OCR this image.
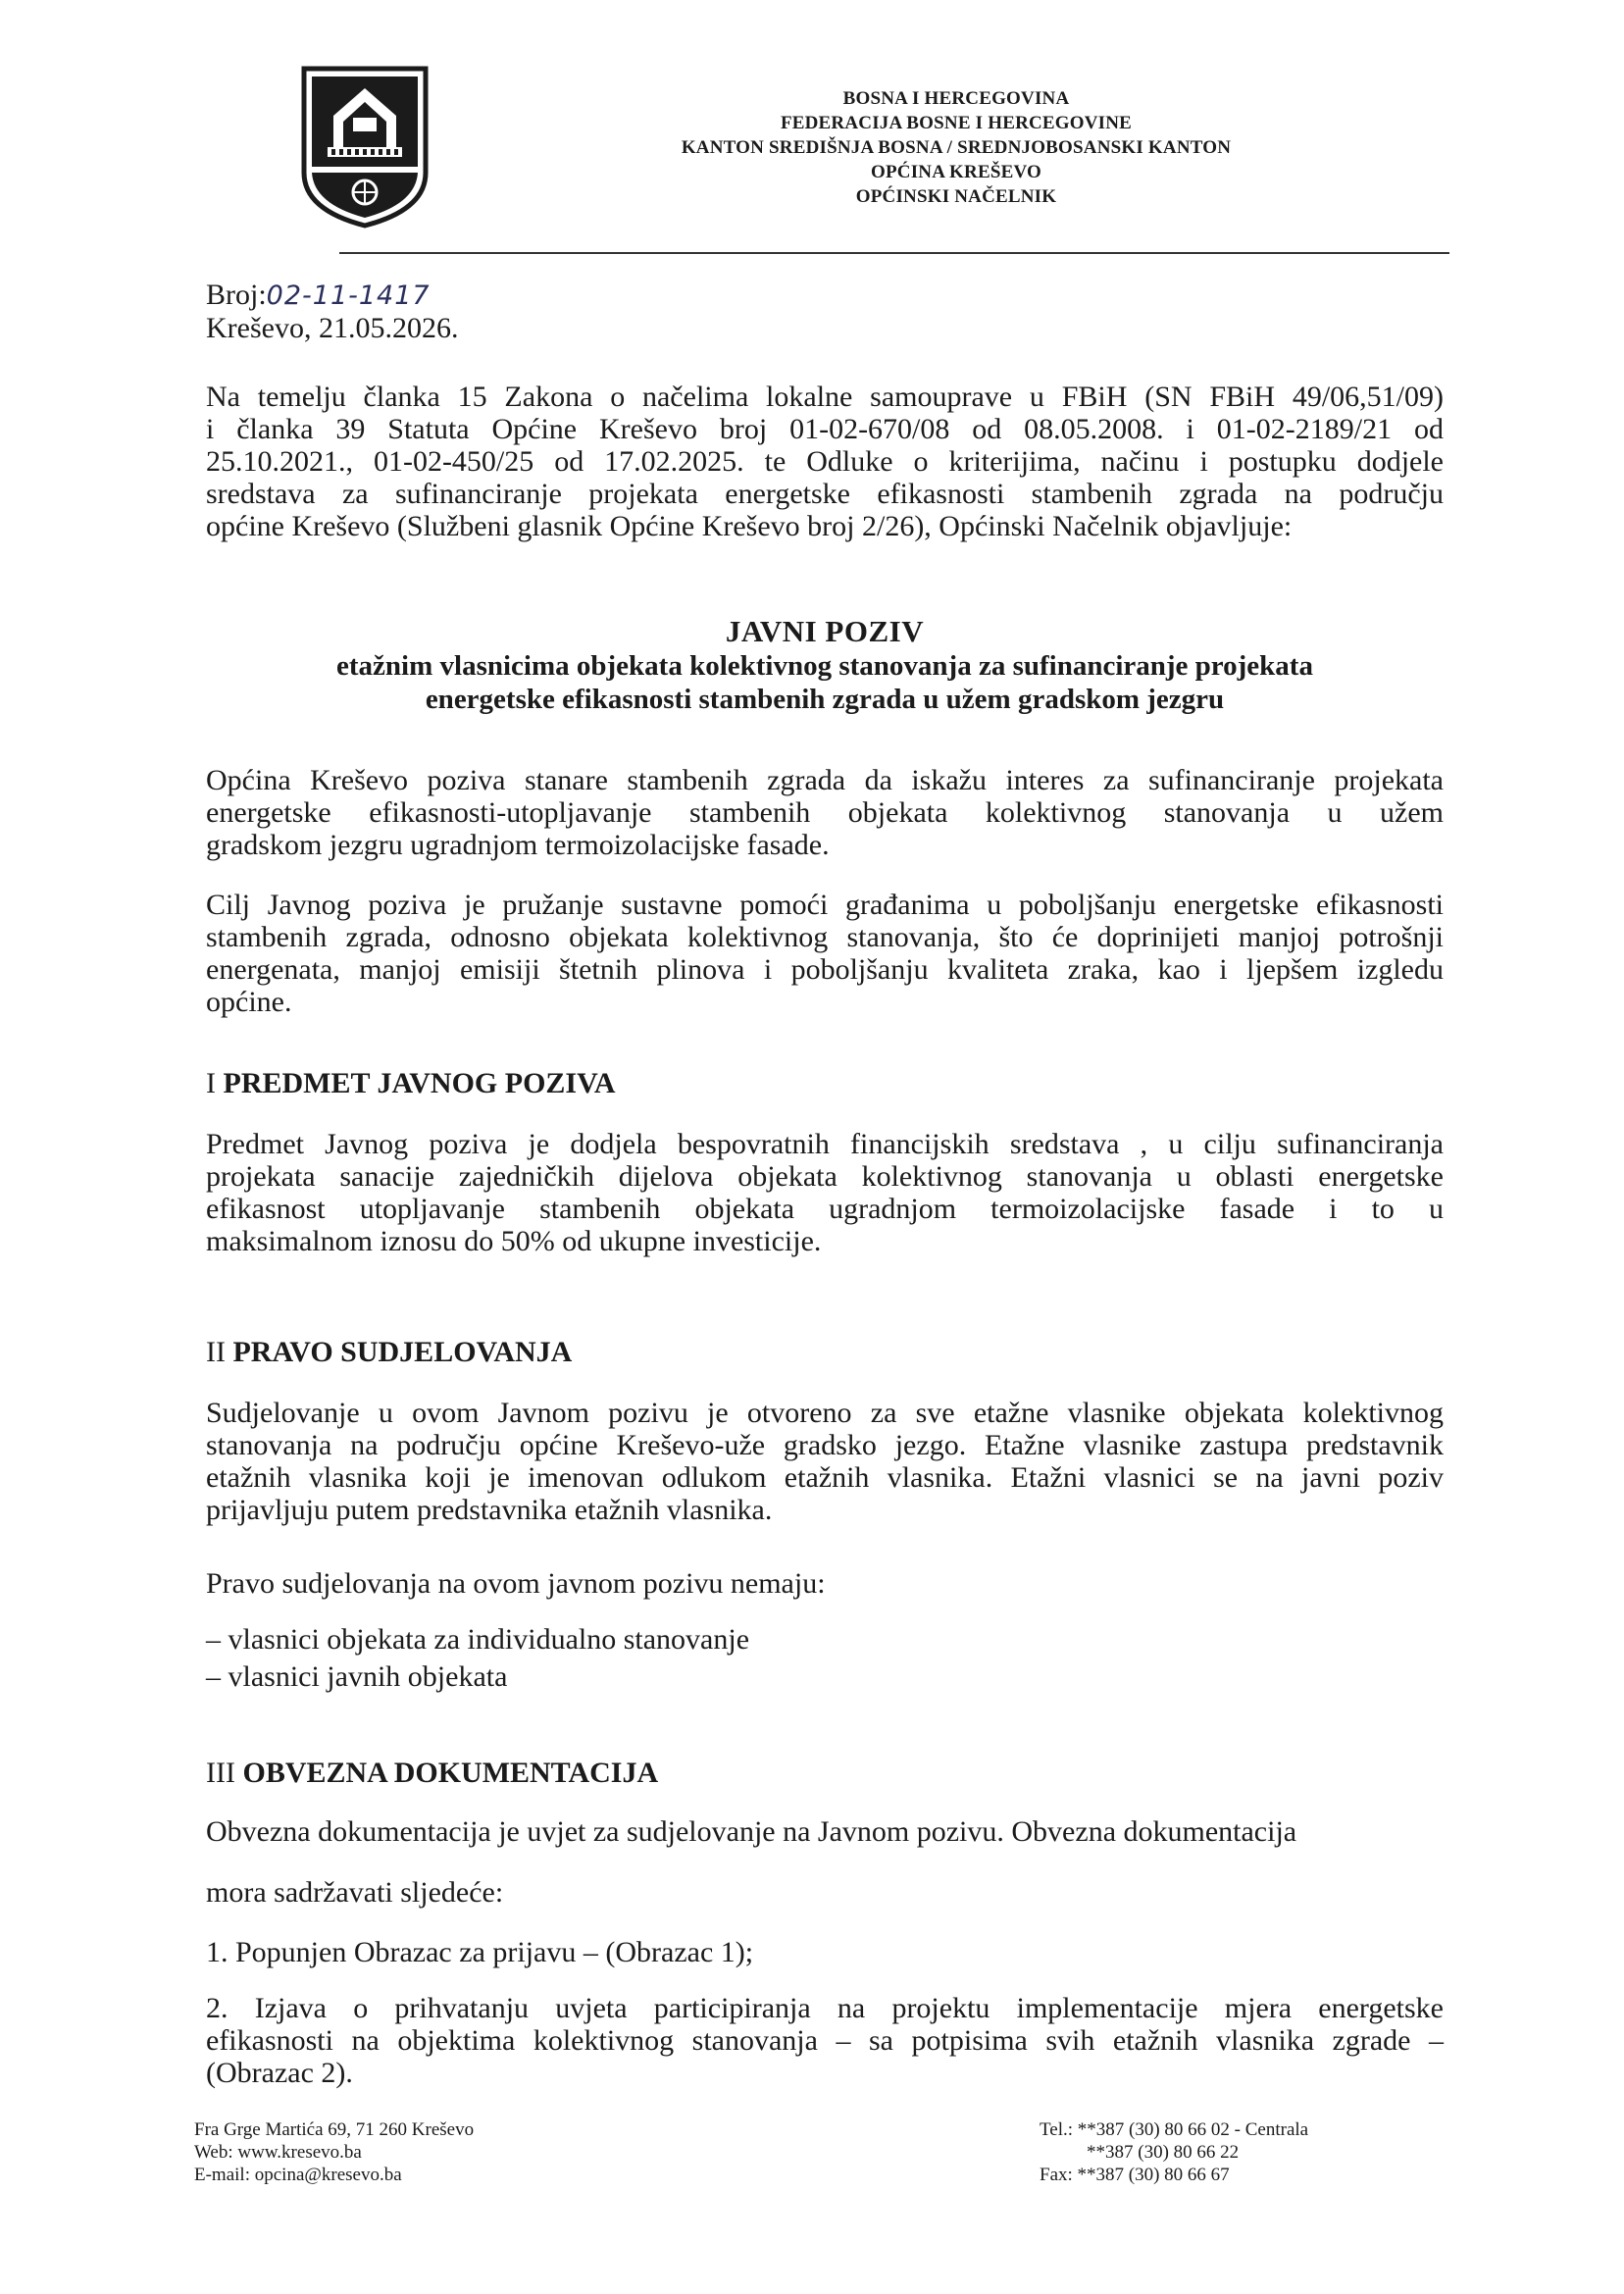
BOSNA I HERCEGOVINA
FEDERACIJA BOSNE I HERCEGOVINE
KANTON SREDIŠNJA BOSNA / SREDNJOBOSANSKI KANTON
OPĆINA KREŠEVO
OPĆINSKI NAČELNIK
Broj:02-11-1417
Kreševo, 21.05.2026.
Na temelju članka 15 Zakona o načelima lokalne samouprave u FBiH (SN FBiH 49/06,51/09)
i članka 39 Statuta Općine Kreševo broj 01-02-670/08 od 08.05.2008. i 01-02-2189/21 od
25.10.2021., 01-02-450/25 od 17.02.2025. te Odluke o kriterijima, načinu i postupku dodjele
sredstava za sufinanciranje projekata energetske efikasnosti stambenih zgrada na području
općine Kreševo (Službeni glasnik Općine Kreševo broj 2/26), Općinski Načelnik objavljuje:
JAVNI POZIV
etažnim vlasnicima objekata kolektivnog stanovanja za sufinanciranje projekata
energetske efikasnosti stambenih zgrada u užem gradskom jezgru
Općina Kreševo poziva stanare stambenih zgrada da iskažu interes za sufinanciranje projekata
energetske efikasnosti-utopljavanje stambenih objekata kolektivnog stanovanja u užem
gradskom jezgru ugradnjom termoizolacijske fasade.
Cilj Javnog poziva je pružanje sustavne pomoći građanima u poboljšanju energetske efikasnosti
stambenih zgrada, odnosno objekata kolektivnog stanovanja, što će doprinijeti manjoj potrošnji
energenata, manjoj emisiji štetnih plinova i poboljšanju kvaliteta zraka, kao i ljepšem izgledu
općine.
I PREDMET JAVNOG POZIVA
Predmet Javnog poziva je dodjela bespovratnih financijskih sredstava , u cilju sufinanciranja
projekata sanacije zajedničkih dijelova objekata kolektivnog stanovanja u oblasti energetske
efikasnost utopljavanje stambenih objekata ugradnjom termoizolacijske fasade i to u
maksimalnom iznosu do 50% od ukupne investicije.
II PRAVO SUDJELOVANJA
Sudjelovanje u ovom Javnom pozivu je otvoreno za sve etažne vlasnike objekata kolektivnog
stanovanja na području općine Kreševo-uže gradsko jezgo. Etažne vlasnike zastupa predstavnik
etažnih vlasnika koji je imenovan odlukom etažnih vlasnika. Etažni vlasnici se na javni poziv
prijavljuju putem predstavnika etažnih vlasnika.
Pravo sudjelovanja na ovom javnom pozivu nemaju:
– vlasnici objekata za individualno stanovanje
– vlasnici javnih objekata
III OBVEZNA DOKUMENTACIJA
Obvezna dokumentacija je uvjet za sudjelovanje na Javnom pozivu. Obvezna dokumentacija
mora sadržavati sljedeće:
1. Popunjen Obrazac za prijavu – (Obrazac 1);
2. Izjava o prihvatanju uvjeta participiranja na projektu implementacije mjera energetske
efikasnosti na objektima kolektivnog stanovanja – sa potpisima svih etažnih vlasnika zgrade –
(Obrazac 2).
Fra Grge Martića 69, 71 260 Kreševo
Web: www.kresevo.ba
E-mail: opcina@kresevo.ba
Tel.: **387 (30) 80 66 02 - Centrala
**387 (30) 80 66 22
Fax: **387 (30) 80 66 67
